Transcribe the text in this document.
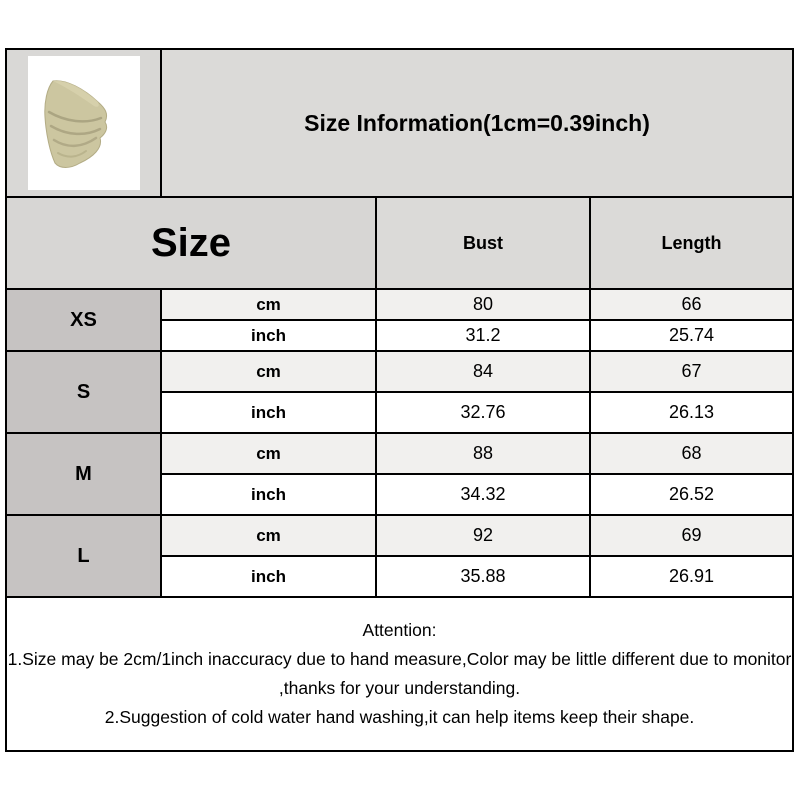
	Size Information(1cm=0.39inch)		
Size		Bust	Length
XS	cm	80	66
	inch	31.2	25.74
S	cm	84	67
	inch	32.76	26.13
M	cm	88	68
	inch	34.32	26.52
L	cm	92	69
	inch	35.88	26.91

Attention:
1.Size may be 2cm/1inch inaccuracy due to hand measure,Color may be little different due to monitor ,thanks for your understanding.
2.Suggestion of cold water hand washing,it can help items keep their shape.			
